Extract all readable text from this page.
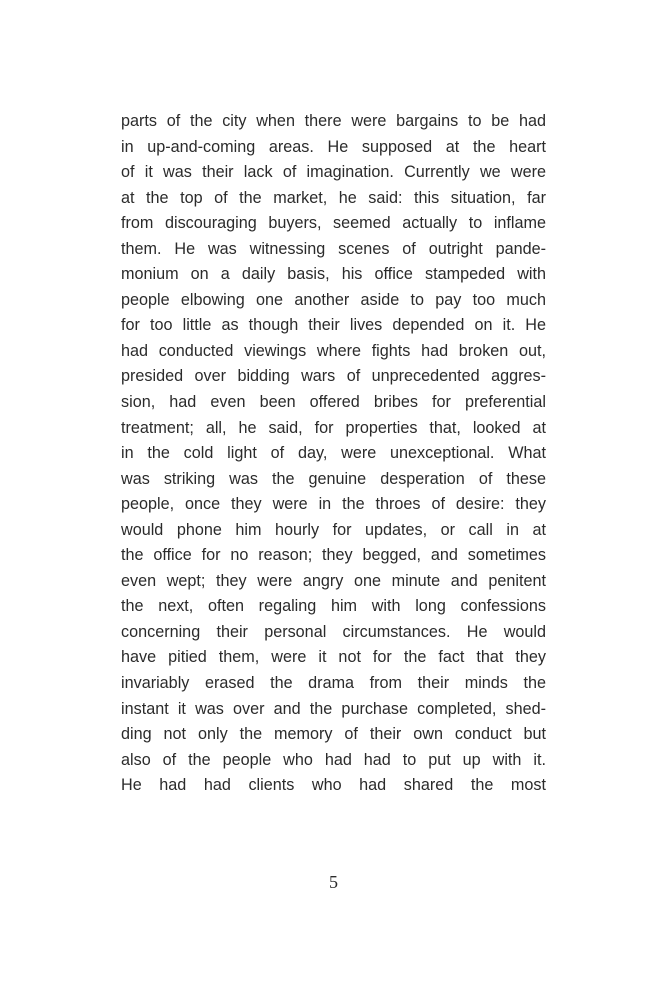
parts of the city when there were bargains to be had
in up-and-coming areas. He supposed at the heart
of it was their lack of imagination. Currently we were
at the top of the market, he said: this situation, far
from discouraging buyers, seemed actually to inflame
them. He was witnessing scenes of outright pande-
monium on a daily basis, his office stampeded with
people elbowing one another aside to pay too much
for too little as though their lives depended on it. He
had conducted viewings where fights had broken out,
presided over bidding wars of unprecedented aggres-
sion, had even been offered bribes for preferential
treatment; all, he said, for properties that, looked at
in the cold light of day, were unexceptional. What
was striking was the genuine desperation of these
people, once they were in the throes of desire: they
would phone him hourly for updates, or call in at
the office for no reason; they begged, and sometimes
even wept; they were angry one minute and penitent
the next, often regaling him with long confessions
concerning their personal circumstances. He would
have pitied them, were it not for the fact that they
invariably erased the drama from their minds the
instant it was over and the purchase completed, shed-
ding not only the memory of their own conduct but
also of the people who had had to put up with it.
He had had clients who had shared the most
5
